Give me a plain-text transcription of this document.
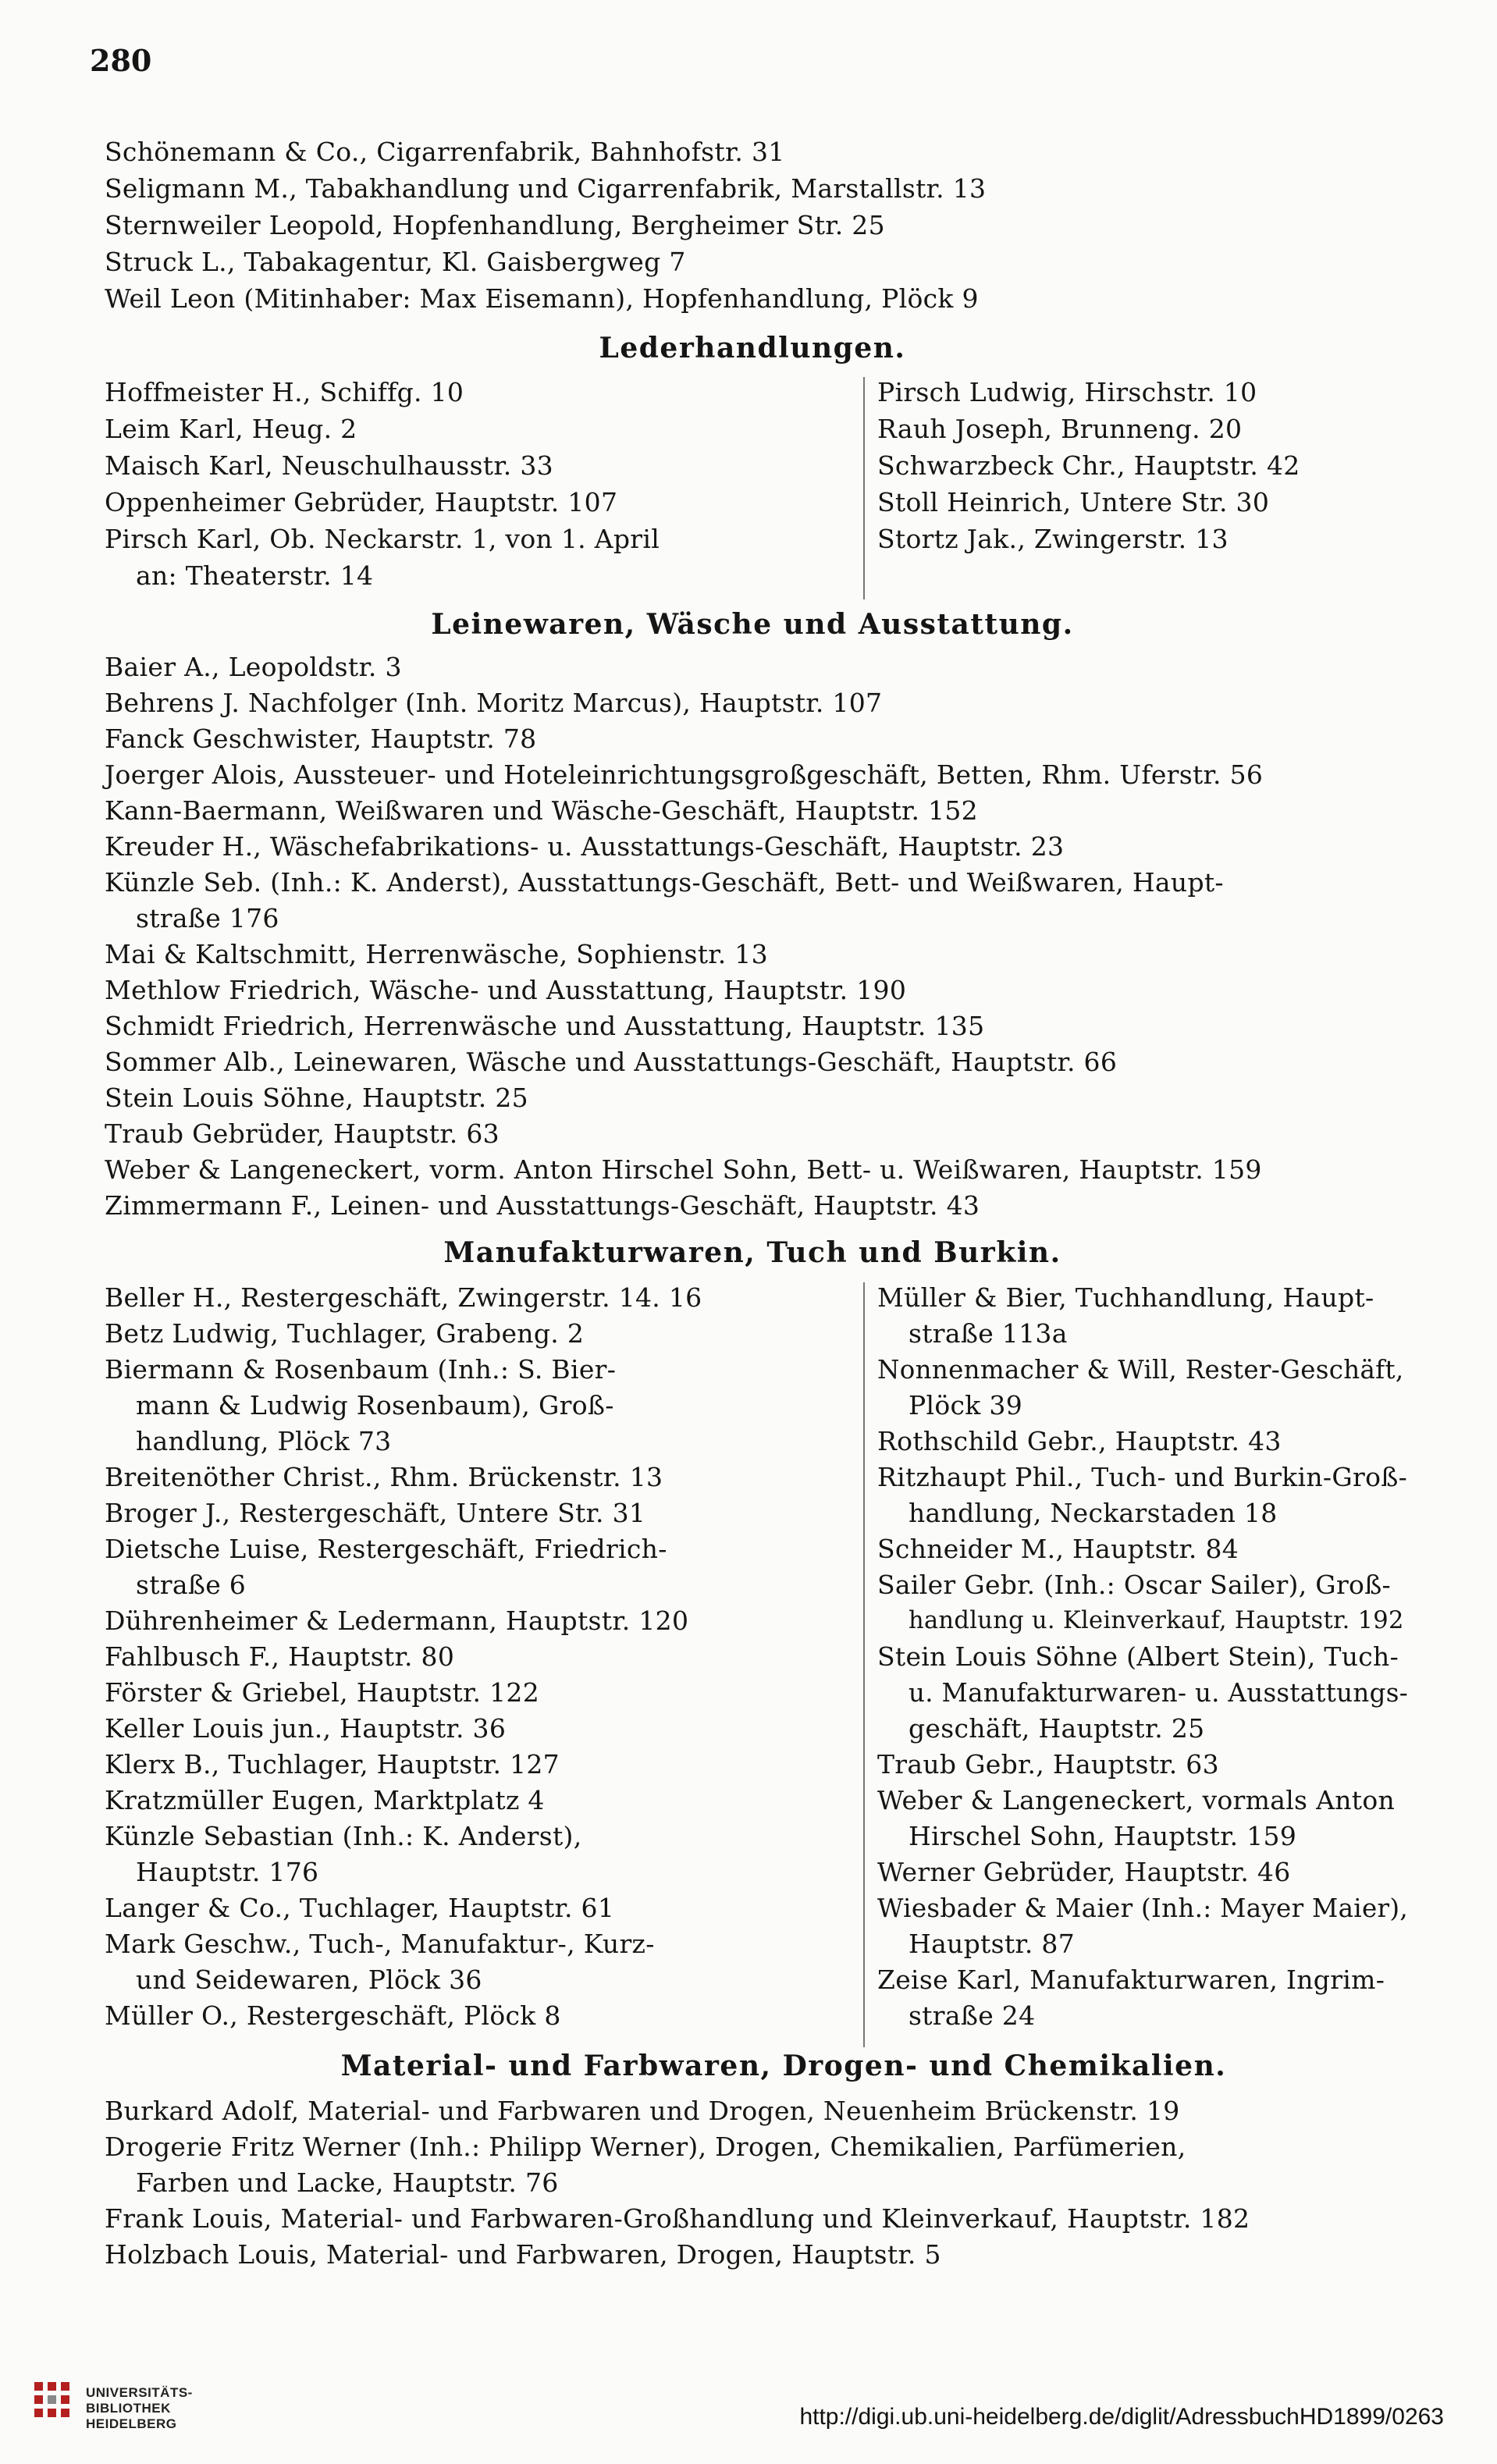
280
Schönemann & Co., Cigarrenfabrik, Bahnhofstr. 31
Seligmann M., Tabakhandlung und Cigarrenfabrik, Marstallstr. 13
Sternweiler Leopold, Hopfenhandlung, Bergheimer Str. 25
Struck L., Tabakagentur, Kl. Gaisbergweg 7
Weil Leon (Mitinhaber: Max Eisemann), Hopfenhandlung, Plöck 9
Lederhandlungen.
Hoffmeister H., Schiffg. 10
Leim Karl, Heug. 2
Maisch Karl, Neuschulhausstr. 33
Oppenheimer Gebrüder, Hauptstr. 107
Pirsch Karl, Ob. Neckarstr. 1, von 1. April
an: Theaterstr. 14
Pirsch Ludwig, Hirschstr. 10
Rauh Joseph, Brunneng. 20
Schwarzbeck Chr., Hauptstr. 42
Stoll Heinrich, Untere Str. 30
Stortz Jak., Zwingerstr. 13
Leinewaren, Wäsche und Ausstattung.
Baier A., Leopoldstr. 3
Behrens J. Nachfolger (Inh. Moritz Marcus), Hauptstr. 107
Fanck Geschwister, Hauptstr. 78
Joerger Alois, Aussteuer- und Hoteleinrichtungsgroßgeschäft, Betten, Rhm. Uferstr. 56
Kann-Baermann, Weißwaren und Wäsche-Geschäft, Hauptstr. 152
Kreuder H., Wäschefabrikations- u. Ausstattungs-Geschäft, Hauptstr. 23
Künzle Seb. (Inh.: K. Anderst), Ausstattungs-Geschäft, Bett- und Weißwaren, Haupt-
straße 176
Mai & Kaltschmitt, Herrenwäsche, Sophienstr. 13
Methlow Friedrich, Wäsche- und Ausstattung, Hauptstr. 190
Schmidt Friedrich, Herrenwäsche und Ausstattung, Hauptstr. 135
Sommer Alb., Leinewaren, Wäsche und Ausstattungs-Geschäft, Hauptstr. 66
Stein Louis Söhne, Hauptstr. 25
Traub Gebrüder, Hauptstr. 63
Weber & Langeneckert, vorm. Anton Hirschel Sohn, Bett- u. Weißwaren, Hauptstr. 159
Zimmermann F., Leinen- und Ausstattungs-Geschäft, Hauptstr. 43
Manufakturwaren, Tuch und Burkin.
Beller H., Restergeschäft, Zwingerstr. 14. 16
Betz Ludwig, Tuchlager, Grabeng. 2
Biermann & Rosenbaum (Inh.: S. Bier-
mann & Ludwig Rosenbaum), Groß-
handlung, Plöck 73
Breitenöther Christ., Rhm. Brückenstr. 13
Broger J., Restergeschäft, Untere Str. 31
Dietsche Luise, Restergeschäft, Friedrich-
straße 6
Dührenheimer & Ledermann, Hauptstr. 120
Fahlbusch F., Hauptstr. 80
Förster & Griebel, Hauptstr. 122
Keller Louis jun., Hauptstr. 36
Klerx B., Tuchlager, Hauptstr. 127
Kratzmüller Eugen, Marktplatz 4
Künzle Sebastian (Inh.: K. Anderst),
Hauptstr. 176
Langer & Co., Tuchlager, Hauptstr. 61
Mark Geschw., Tuch-, Manufaktur-, Kurz-
und Seidewaren, Plöck 36
Müller O., Restergeschäft, Plöck 8
Müller & Bier, Tuchhandlung, Haupt-
straße 113a
Nonnenmacher & Will, Rester-Geschäft,
Plöck 39
Rothschild Gebr., Hauptstr. 43
Ritzhaupt Phil., Tuch- und Burkin-Groß-
handlung, Neckarstaden 18
Schneider M., Hauptstr. 84
Sailer Gebr. (Inh.: Oscar Sailer), Groß-
handlung u. Kleinverkauf, Hauptstr. 192
Stein Louis Söhne (Albert Stein), Tuch-
u. Manufakturwaren- u. Ausstattungs-
geschäft, Hauptstr. 25
Traub Gebr., Hauptstr. 63
Weber & Langeneckert, vormals Anton
Hirschel Sohn, Hauptstr. 159
Werner Gebrüder, Hauptstr. 46
Wiesbader & Maier (Inh.: Mayer Maier),
Hauptstr. 87
Zeise Karl, Manufakturwaren, Ingrim-
straße 24
Material- und Farbwaren, Drogen- und Chemikalien.
Burkard Adolf, Material- und Farbwaren und Drogen, Neuenheim Brückenstr. 19
Drogerie Fritz Werner (Inh.: Philipp Werner), Drogen, Chemikalien, Parfümerien,
Farben und Lacke, Hauptstr. 76
Frank Louis, Material- und Farbwaren-Großhandlung und Kleinverkauf, Hauptstr. 182
Holzbach Louis, Material- und Farbwaren, Drogen, Hauptstr. 5
UNIVERSITÄTS-
BIBLIOTHEK
HEIDELBERG	http://digi.ub.uni-heidelberg.de/diglit/AdressbuchHD1899/0263
